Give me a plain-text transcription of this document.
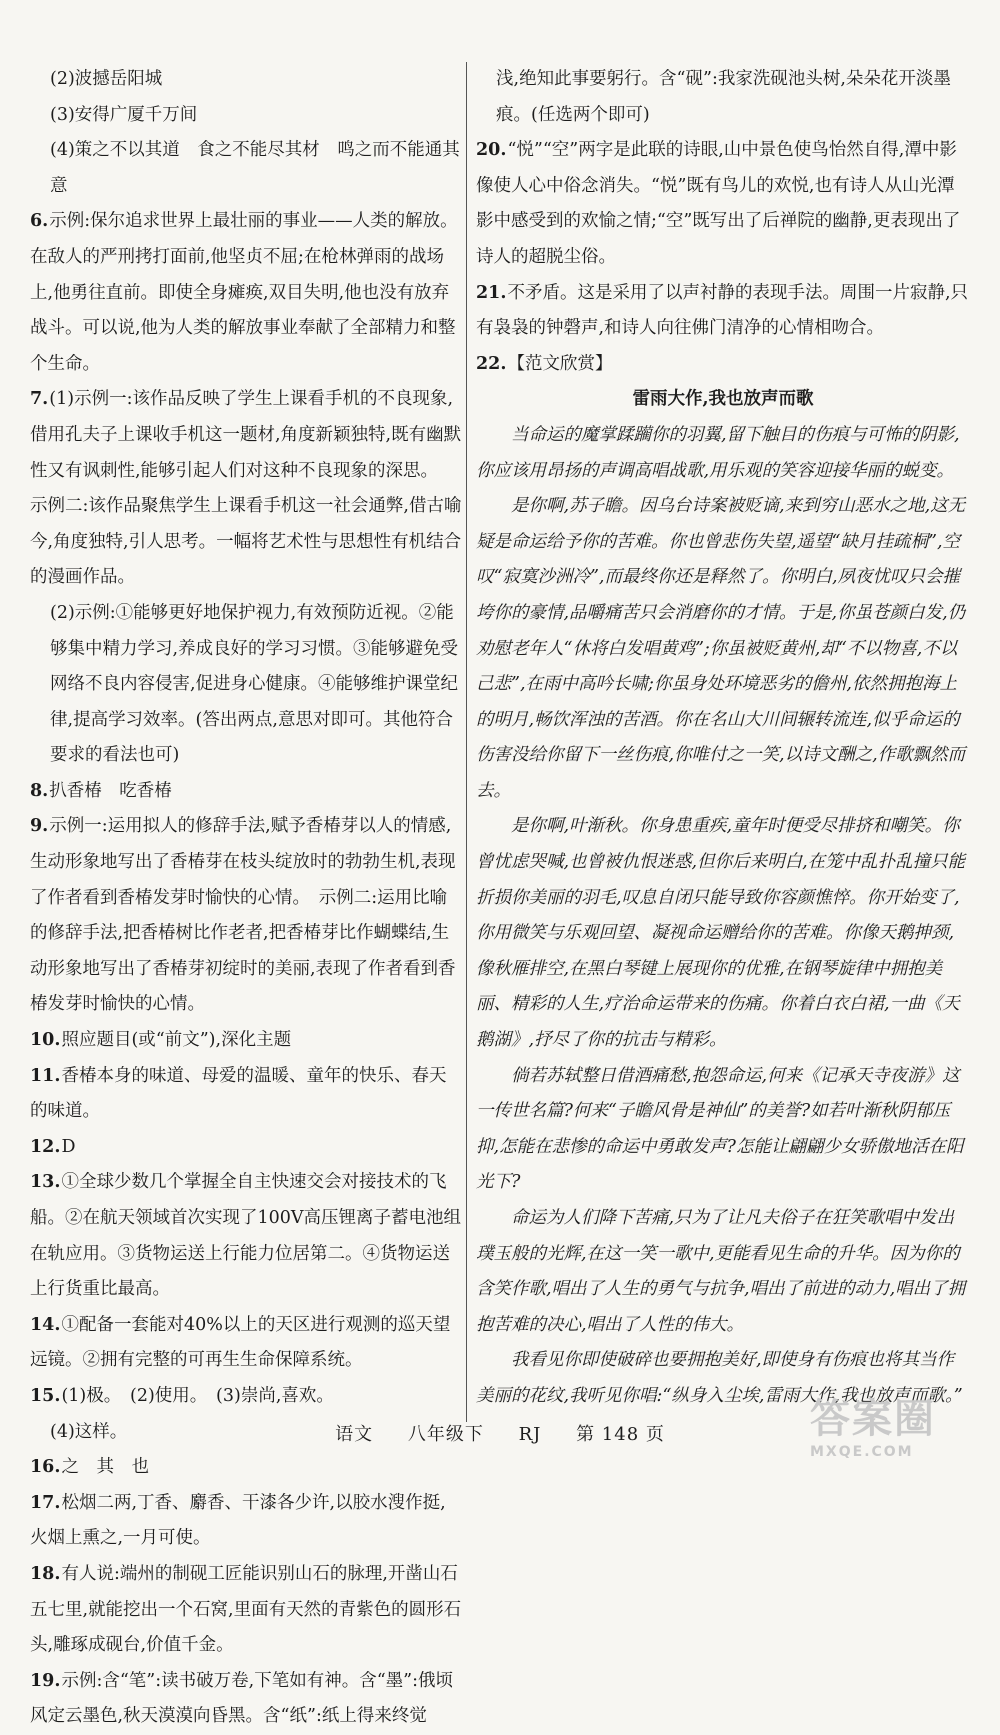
(2)波撼岳阳城

(3)安得广厦千万间

(4)策之不以其道　食之不能尽其材　鸣之而不能通其意

6.示例:保尔追求世界上最壮丽的事业——人类的解放。在敌人的严刑拷打面前,他坚贞不屈;在枪林弹雨的战场上,他勇往直前。即使全身瘫痪,双目失明,他也没有放弃战斗。可以说,他为人类的解放事业奉献了全部精力和整个生命。

7.(1)示例一:该作品反映了学生上课看手机的不良现象,借用孔夫子上课收手机这一题材,角度新颖独特,既有幽默性又有讽刺性,能够引起人们对这种不良现象的深思。　示例二:该作品聚焦学生上课看手机这一社会通弊,借古喻今,角度独特,引人思考。一幅将艺术性与思想性有机结合的漫画作品。

(2)示例:①能够更好地保护视力,有效预防近视。②能够集中精力学习,养成良好的学习习惯。③能够避免受网络不良内容侵害,促进身心健康。④能够维护课堂纪律,提高学习效率。(答出两点,意思对即可。其他符合要求的看法也可)

8.扒香椿　吃香椿

9.示例一:运用拟人的修辞手法,赋予香椿芽以人的情感,生动形象地写出了香椿芽在枝头绽放时的勃勃生机,表现了作者看到香椿发芽时愉快的心情。　示例二:运用比喻的修辞手法,把香椿树比作老者,把香椿芽比作蝴蝶结,生动形象地写出了香椿芽初绽时的美丽,表现了作者看到香椿发芽时愉快的心情。

10.照应题目(或“前文”),深化主题

11.香椿本身的味道、母爱的温暖、童年的快乐、春天的味道。

12.D

13.①全球少数几个掌握全自主快速交会对接技术的飞船。②在航天领域首次实现了100V高压锂离子蓄电池组在轨应用。③货物运送上行能力位居第二。④货物运送上行货重比最高。

14.①配备一套能对40%以上的天区进行观测的巡天望远镜。②拥有完整的可再生生命保障系统。

15.(1)极。　(2)使用。　(3)崇尚,喜欢。

(4)这样。

16.之　其　也

17.松烟二两,丁香、麝香、干漆各少许,以胶水溲作挺,火烟上熏之,一月可使。

18.有人说:端州的制砚工匠能识别山石的脉理,开凿山石五七里,就能挖出一个石窝,里面有天然的青紫色的圆形石头,雕琢成砚台,价值千金。

19.示例:含“笔”:读书破万卷,下笔如有神。含“墨”:俄顷风定云墨色,秋天漠漠向昏黑。含“纸”:纸上得来终觉

浅,绝知此事要躬行。含“砚”:我家洗砚池头树,朵朵花开淡墨痕。(任选两个即可)

20.“悦”“空”两字是此联的诗眼,山中景色使鸟怡然自得,潭中影像使人心中俗念消失。“悦”既有鸟儿的欢悦,也有诗人从山光潭影中感受到的欢愉之情;“空”既写出了后禅院的幽静,更表现出了诗人的超脱尘俗。

21.不矛盾。这是采用了以声衬静的表现手法。周围一片寂静,只有袅袅的钟磬声,和诗人向往佛门清净的心情相吻合。

22.【范文欣赏】

雷雨大作,我也放声而歌

当命运的魔掌蹂躏你的羽翼,留下触目的伤痕与可怖的阴影,你应该用昂扬的声调高唱战歌,用乐观的笑容迎接华丽的蜕变。

是你啊,苏子瞻。因乌台诗案被贬谪,来到穷山恶水之地,这无疑是命运给予你的苦难。你也曾悲伤失望,遥望“缺月挂疏桐”,空叹“寂寞沙洲冷”,而最终你还是释然了。你明白,夙夜忧叹只会摧垮你的豪情,品嚼痛苦只会消磨你的才情。于是,你虽苍颜白发,仍劝慰老年人“休将白发唱黄鸡”;你虽被贬黄州,却“不以物喜,不以己悲”,在雨中高吟长啸;你虽身处环境恶劣的儋州,依然拥抱海上的明月,畅饮浑浊的苦酒。你在名山大川间辗转流连,似乎命运的伤害没给你留下一丝伤痕,你唯付之一笑,以诗文酬之,作歌飘然而去。

是你啊,叶渐秋。你身患重疾,童年时便受尽排挤和嘲笑。你曾忧虑哭喊,也曾被仇恨迷惑,但你后来明白,在笼中乱扑乱撞只能折损你美丽的羽毛,叹息自闭只能导致你容颜憔悴。你开始变了,你用微笑与乐观回望、凝视命运赠给你的苦难。你像天鹅抻颈,像秋雁排空,在黑白琴键上展现你的优雅,在钢琴旋律中拥抱美丽、精彩的人生,疗治命运带来的伤痛。你着白衣白裙,一曲《天鹅湖》,抒尽了你的抗击与精彩。

倘若苏轼整日借酒痛愁,抱怨命运,何来《记承天寺夜游》这一传世名篇?何来“子瞻风骨是神仙”的美誉?如若叶渐秋阴郁压抑,怎能在悲惨的命运中勇敢发声?怎能让翩翩少女骄傲地活在阳光下?

命运为人们降下苦痛,只为了让凡夫俗子在狂笑歌唱中发出璞玉般的光辉,在这一笑一歌中,更能看见生命的升华。因为你的含笑作歌,唱出了人生的勇气与抗争,唱出了前进的动力,唱出了拥抱苦难的决心,唱出了人性的伟大。

我看见你即使破碎也要拥抱美好,即使身有伤痕也将其当作美丽的花纹,我听见你唱:“纵身入尘埃,雷雨大作,我也放声而歌。”

语文 八年级下 RJ 第 148 页	答案圈
MXQE.COM
